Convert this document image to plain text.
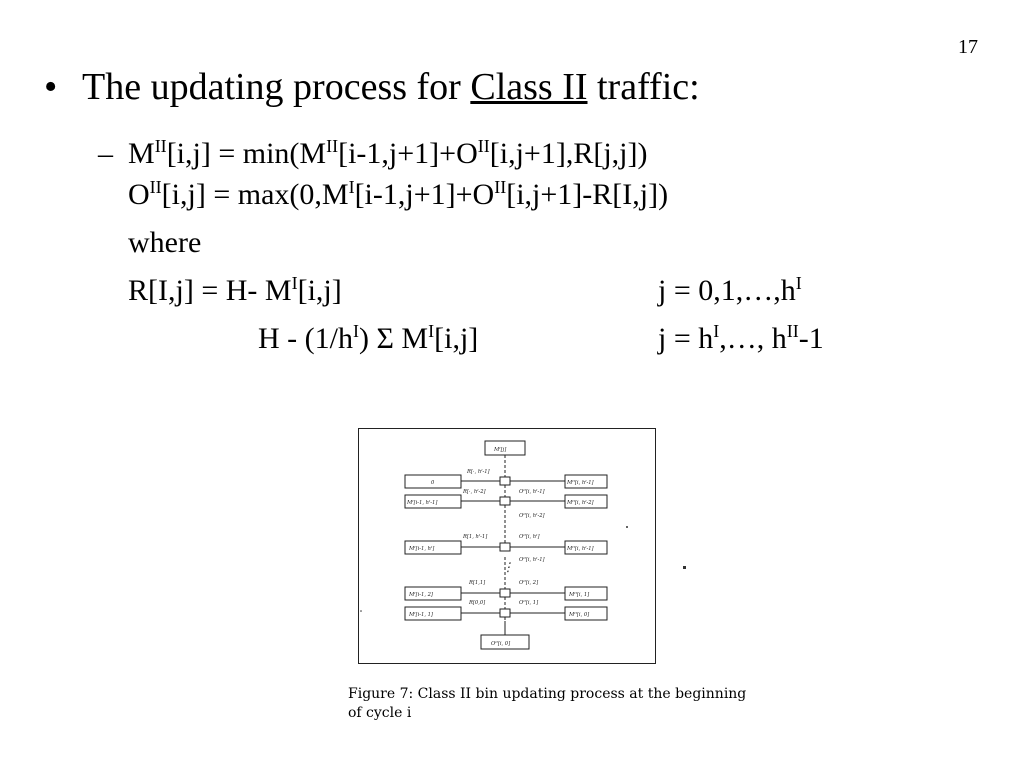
17
• The updating process for Class II traffic:
– $M^{II}[i,j] = \min(M^{II}[i-1,j+1]+O^{II}[i,j+1],R[j,j])$
$O^{II}[i,j] = \max(0,M^I[i-1,j+1]+O^{II}[i,j+1]-R[I,j])$
where
R[I,j] = H- $M^I[i,j]$	$j = 0,1,\dots,h^I$
H - $(1/h^I)$ Σ $M^I[i,j]$	$j = h^I,\dots$, $h^{II}-1$
Mᴵ[j]
Oᴵᴵ[i, 0]
⋮
0
R[·, hᴵ-1]
Mᴵᴵ[i, hᴵ-1]
Mᴵ[i-1, hᴵ-1]
R[·, hᴵ-2]	Oᴵᴵ[i, hᴵ-1]
Mᴵᴵ[i, hᴵ-2]
Oᴵᴵ[i, hᴵ-2]
Mᴵ[i-1, hᴵ]
R[1, hᴵ-1]	Oᴵᴵ[i, hᴵ]
Mᴵᴵ[i, hᴵ-1]
Oᴵᴵ[i, hᴵ-1]
Mᴵ[i-1, 2]
R[1,1]	Oᴵᴵ[i, 2]
Mᴵᴵ[i, 1]
Mᴵ[i-1, 1]
R[0,0]	Oᴵᴵ[i, 1]
Mᴵᴵ[i, 0]
Figure 7: Class II bin updating process at the beginning
of cycle i
